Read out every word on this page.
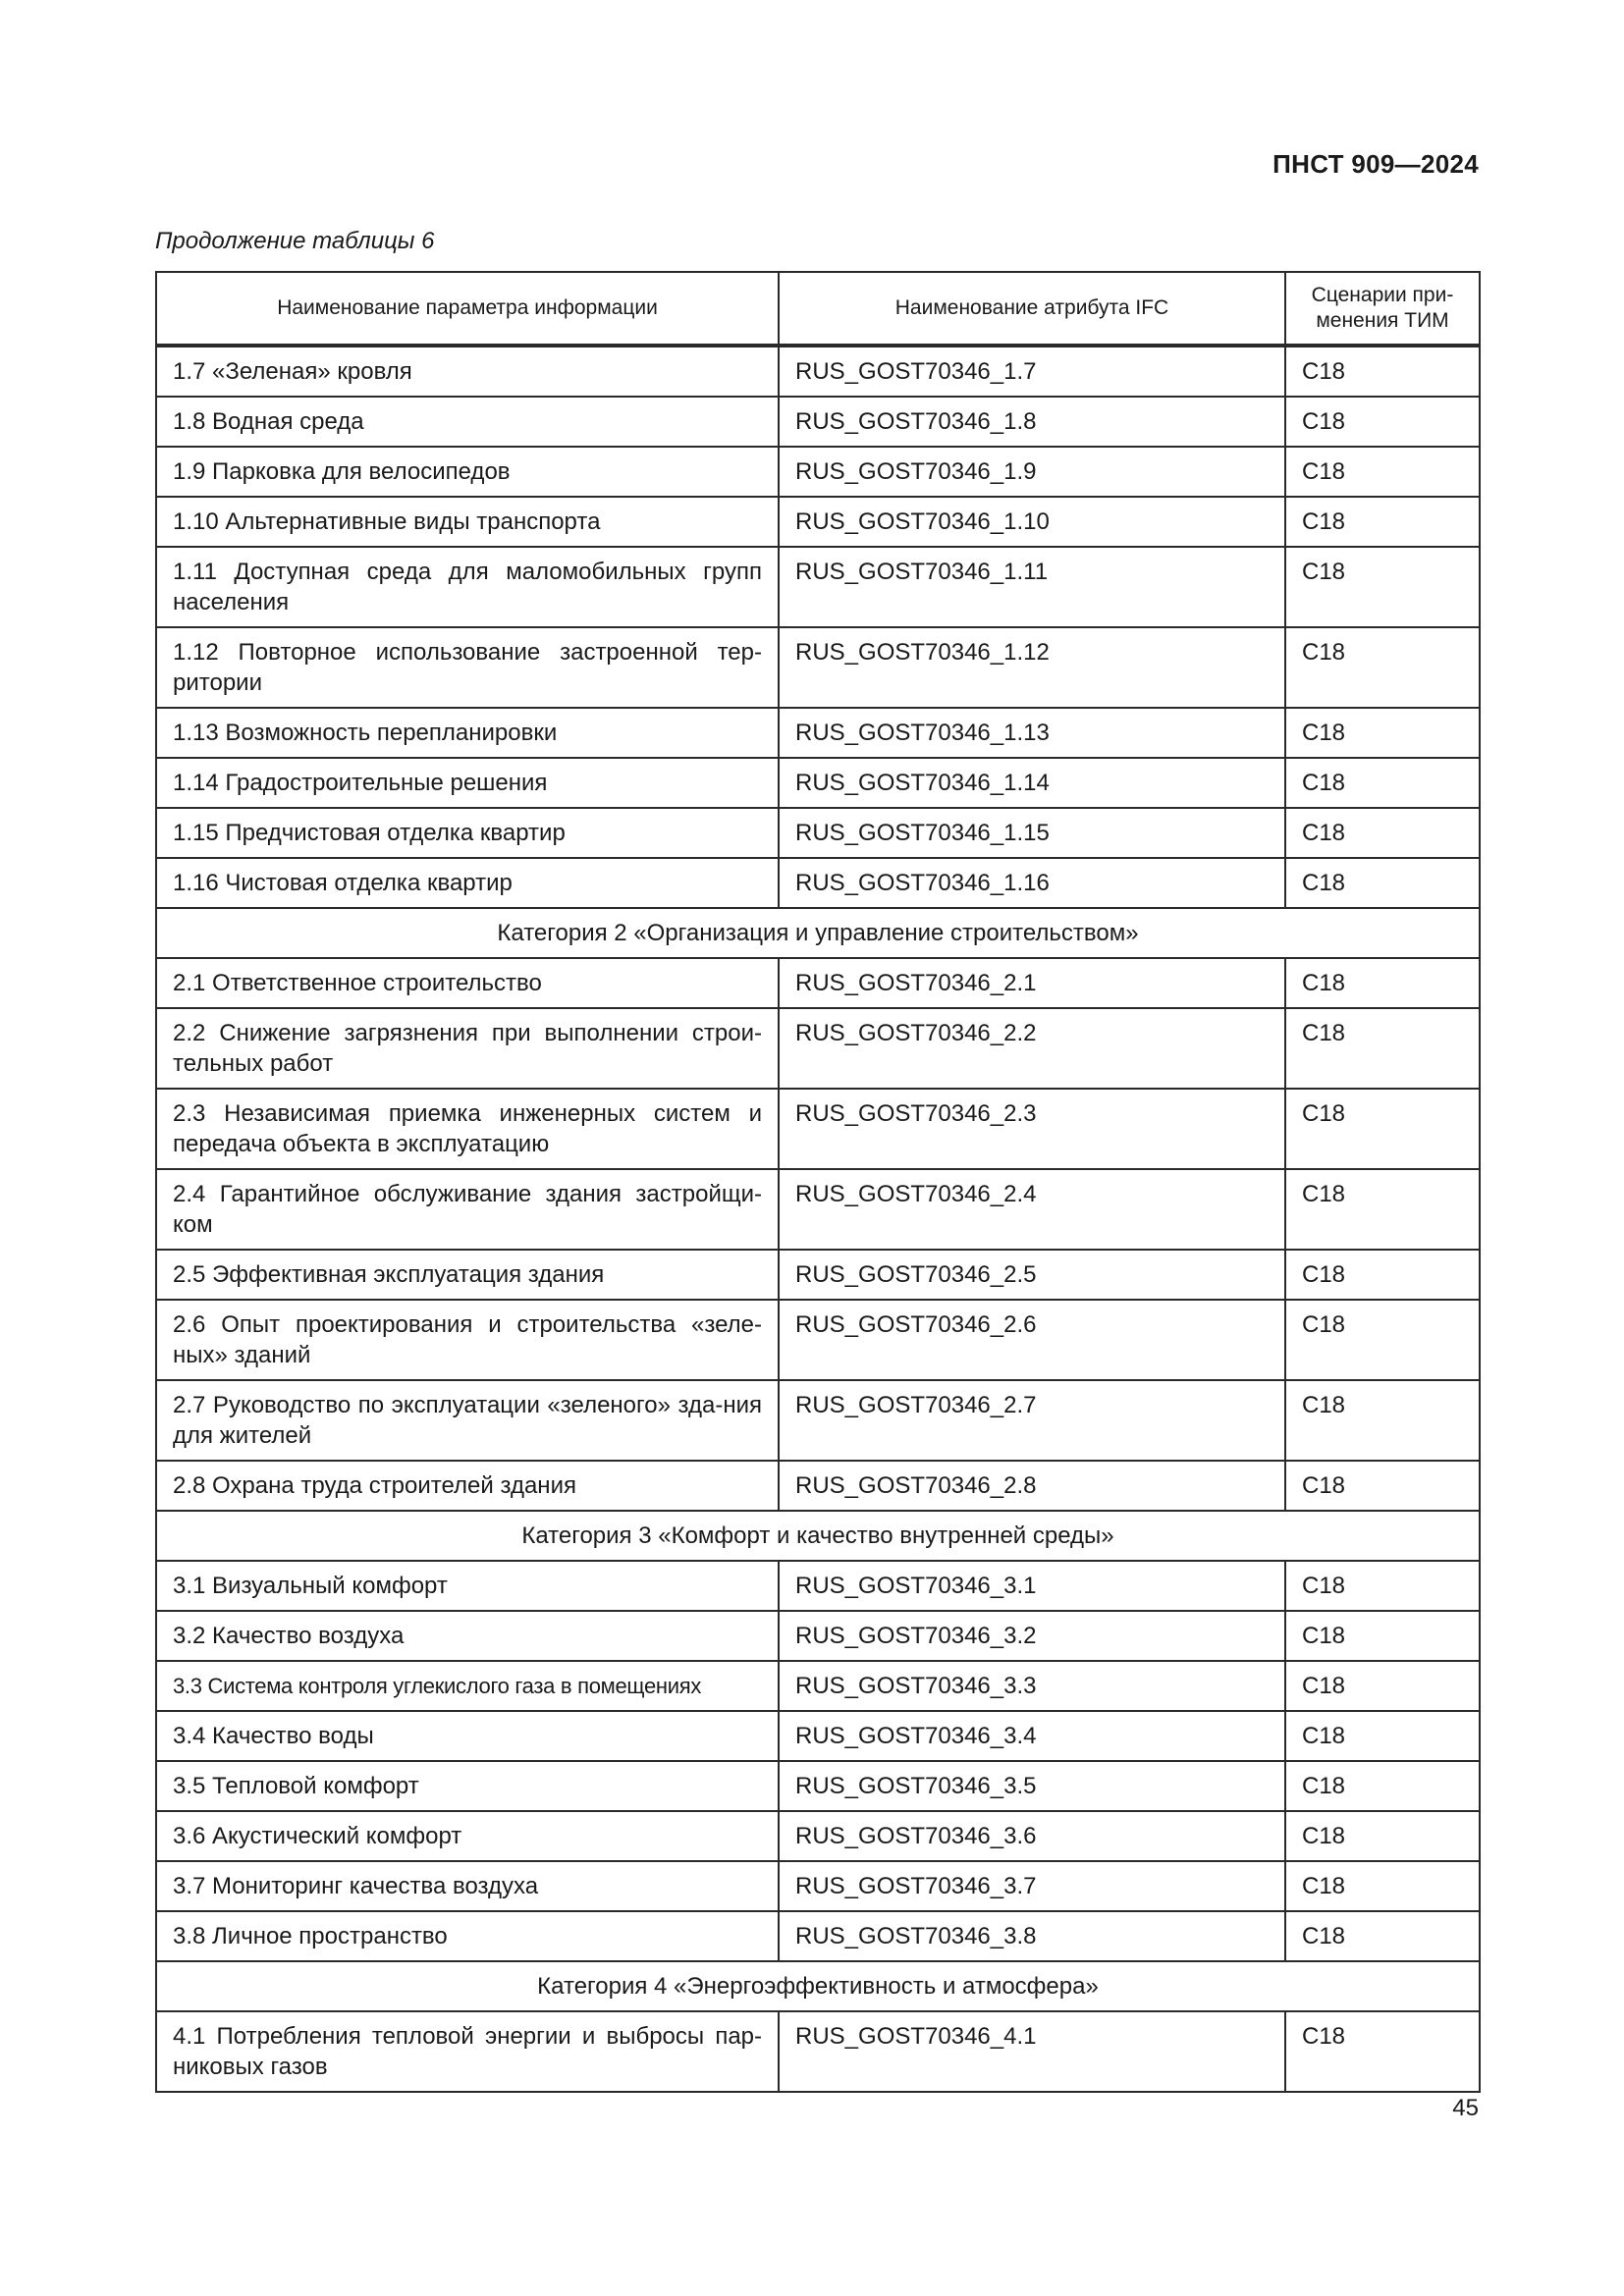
ПНСТ 909—2024
Продолжение таблицы 6
Наименование параметра информации	Наименование атрибута IFC	Сценарии при-
менения ТИМ
1.7 «Зеленая» кровля	RUS_GOST70346_1.7	C18
1.8 Водная среда	RUS_GOST70346_1.8	C18
1.9 Парковка для велосипедов	RUS_GOST70346_1.9	C18
1.10 Альтернативные виды транспорта	RUS_GOST70346_1.10	C18
1.11 Доступная среда для маломобильных групп населения	RUS_GOST70346_1.11	C18
1.12 Повторное использование застроенной тер-ритории	RUS_GOST70346_1.12	C18
1.13 Возможность перепланировки	RUS_GOST70346_1.13	C18
1.14 Градостроительные решения	RUS_GOST70346_1.14	C18
1.15 Предчистовая отделка квартир	RUS_GOST70346_1.15	C18
1.16 Чистовая отделка квартир	RUS_GOST70346_1.16	C18
Категория 2 «Организация и управление строительством»		
2.1 Ответственное строительство	RUS_GOST70346_2.1	C18
2.2 Снижение загрязнения при выполнении строи-тельных работ	RUS_GOST70346_2.2	C18
2.3 Независимая приемка инженерных систем и передача объекта в эксплуатацию	RUS_GOST70346_2.3	C18
2.4 Гарантийное обслуживание здания застройщи-ком	RUS_GOST70346_2.4	C18
2.5 Эффективная эксплуатация здания	RUS_GOST70346_2.5	C18
2.6 Опыт проектирования и строительства «зеле-ных» зданий	RUS_GOST70346_2.6	C18
2.7 Руководство по эксплуатации «зеленого» зда-ния для жителей	RUS_GOST70346_2.7	C18
2.8 Охрана труда строителей здания	RUS_GOST70346_2.8	C18
Категория 3 «Комфорт и качество внутренней среды»		
3.1 Визуальный комфорт	RUS_GOST70346_3.1	C18
3.2 Качество воздуха	RUS_GOST70346_3.2	C18
3.3 Система контроля углекислого газа в помещениях	RUS_GOST70346_3.3	C18
3.4 Качество воды	RUS_GOST70346_3.4	C18
3.5 Тепловой комфорт	RUS_GOST70346_3.5	C18
3.6 Акустический комфорт	RUS_GOST70346_3.6	C18
3.7 Мониторинг качества воздуха	RUS_GOST70346_3.7	C18
3.8 Личное пространство	RUS_GOST70346_3.8	C18
Категория 4 «Энергоэффективность и атмосфера»		
4.1 Потребления тепловой энергии и выбросы пар-никовых газов	RUS_GOST70346_4.1	C18
45
